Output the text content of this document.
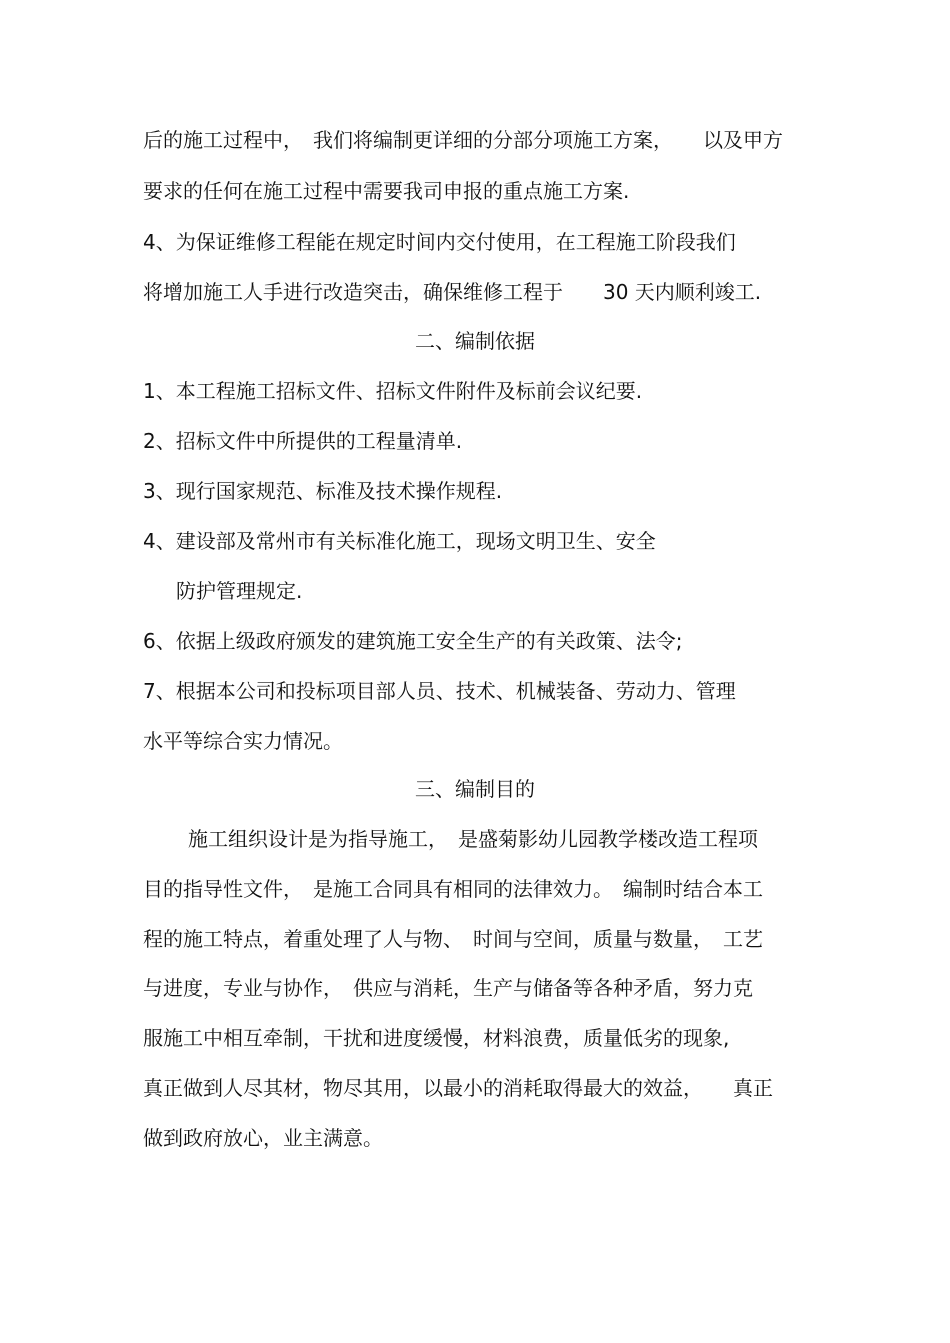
后的施工过程中，　我们将编制更详细的分部分项施工方案，　　以及甲方

要求的任何在施工过程中需要我司申报的重点施工方案.

4、为保证维修工程能在规定时间内交付使用，在工程施工阶段我们

将增加施工人手进行改造突击，确保维修工程于　　30 天内顺利竣工.

二、编制依据

1、本工程施工招标文件、招标文件附件及标前会议纪要.

2、招标文件中所提供的工程量清单.

3、现行国家规范、标准及技术操作规程.

4、建设部及常州市有关标准化施工，现场文明卫生、安全

防护管理规定.

6、依据上级政府颁发的建筑施工安全生产的有关政策、法令;

7、根据本公司和投标项目部人员、技术、机械装备、劳动力、管理

水平等综合实力情况。

三、编制目的

施工组织设计是为指导施工，　是盛菊影幼儿园教学楼改造工程项

目的指导性文件，　是施工合同具有相同的法律效力。　编制时结合本工

程的施工特点，着重处理了人与物、　时间与空间，质量与数量，　工艺

与进度，专业与协作，　供应与消耗，生产与储备等各种矛盾，努力克

服施工中相互牵制，干扰和进度缓慢，材料浪费，质量低劣的现象,

真正做到人尽其材，物尽其用，以最小的消耗取得最大的效益，　　真正

做到政府放心，业主满意。
